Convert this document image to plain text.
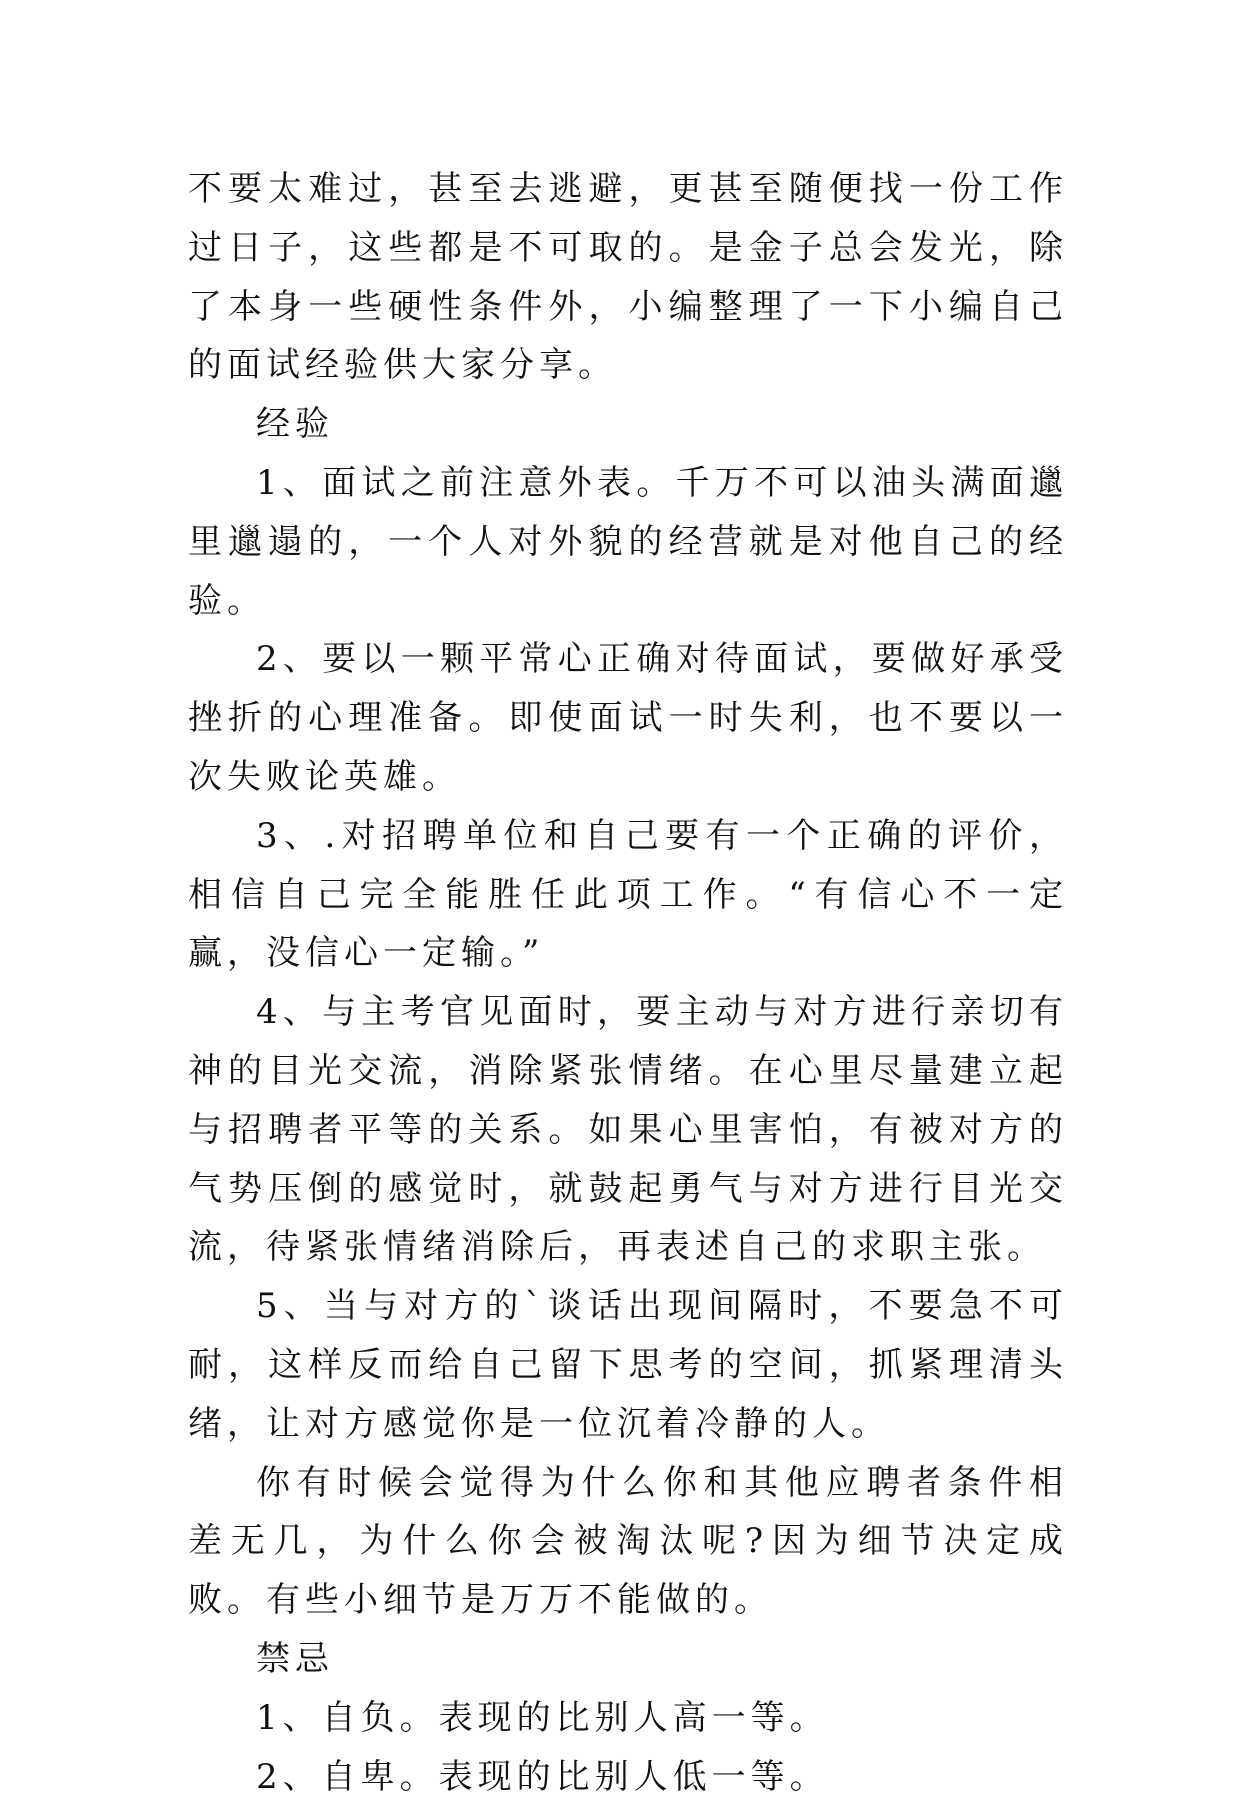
不要太难过，甚至去逃避，更甚至随便找一份工作过日子，这些都是不可取的。是金子总会发光，除了本身一些硬性条件外，小编整理了一下小编自己的面试经验供大家分享。

经验

1、面试之前注意外表。千万不可以油头满面邋里邋遢的，一个人对外貌的经营就是对他自己的经验。

2、要以一颗平常心正确对待面试，要做好承受挫折的心理准备。即使面试一时失利，也不要以一次失败论英雄。

3、.对招聘单位和自己要有一个正确的评价，相信自己完全能胜任此项工作。“有信心不一定赢，没信心一定输。”

4、与主考官见面时，要主动与对方进行亲切有神的目光交流，消除紧张情绪。在心里尽量建立起与招聘者平等的关系。如果心里害怕，有被对方的气势压倒的感觉时，就鼓起勇气与对方进行目光交流，待紧张情绪消除后，再表述自己的求职主张。

5、当与对方的`谈话出现间隔时，不要急不可耐，这样反而给自己留下思考的空间，抓紧理清头绪，让对方感觉你是一位沉着冷静的人。

你有时候会觉得为什么你和其他应聘者条件相差无几，为什么你会被淘汰呢?因为细节决定成败。有些小细节是万万不能做的。

禁忌

1、自负。表现的比别人高一等。

2、自卑。表现的比别人低一等。
